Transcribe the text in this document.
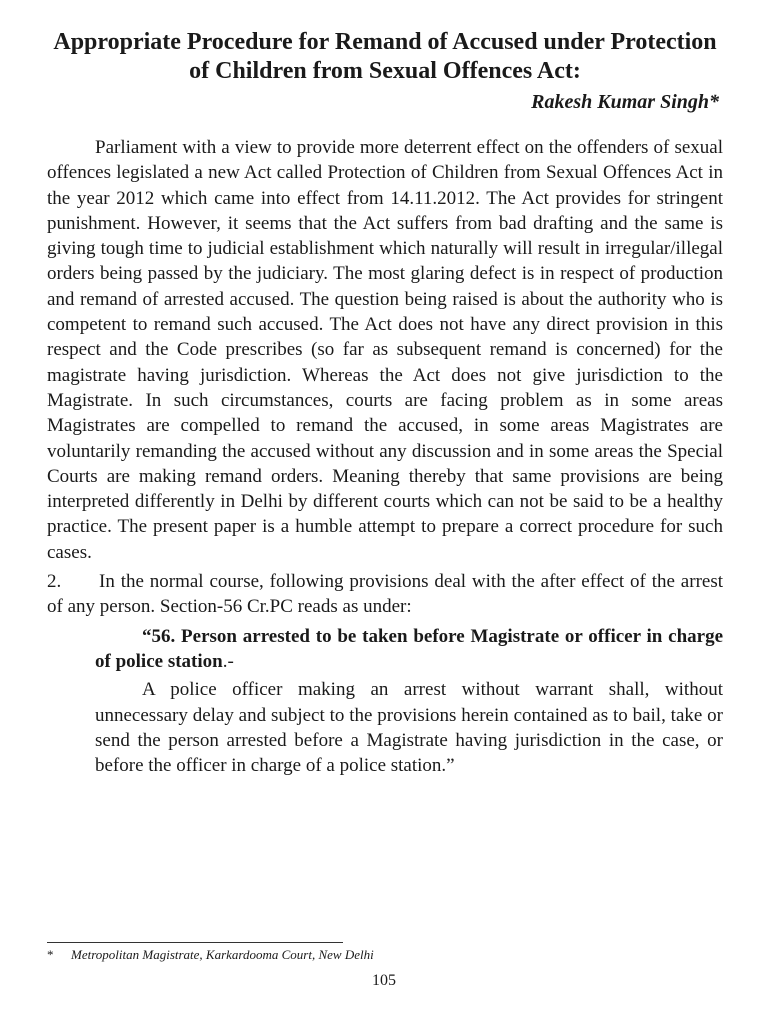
Appropriate Procedure for Remand of Accused under Protection of Children from Sexual Offences Act:
Rakesh Kumar Singh*

Parliament with a view to provide more deterrent effect on the offenders of sexual offences legislated a new Act called Protection of Children from Sexual Offences Act in the year 2012 which came into effect from 14.11.2012. The Act provides for stringent punishment. However, it seems that the Act suffers from bad drafting and the same is giving tough time to judicial establishment which naturally will result in irregular/illegal orders being passed by the judiciary. The most glaring defect is in respect of production and remand of arrested accused. The question being raised is about the authority who is competent to remand such accused. The Act does not have any direct provision in this respect and the Code prescribes (so far as subsequent remand is concerned) for the magistrate having jurisdiction. Whereas the Act does not give jurisdiction to the Magistrate. In such circumstances, courts are facing problem as in some areas Magistrates are compelled to remand the accused, in some areas Magistrates are voluntarily remanding the accused without any discussion and in some areas the Special Courts are making remand orders. Meaning thereby that same provisions are being interpreted differently in Delhi by different courts which can not be said to be a healthy practice. The present paper is a humble attempt to prepare a correct procedure for such cases.

2. In the normal course, following provisions deal with the after effect of the arrest of any person. Section-56 Cr.PC reads as under:

“56. Person arrested to be taken before Magistrate or officer in charge of police station.-

A police officer making an arrest without warrant shall, without unnecessary delay and subject to the provisions herein contained as to bail, take or send the person arrested before a Magistrate having jurisdiction in the case, or before the officer in charge of a police station.”

* Metropolitan Magistrate, Karkardooma Court, New Delhi
105
